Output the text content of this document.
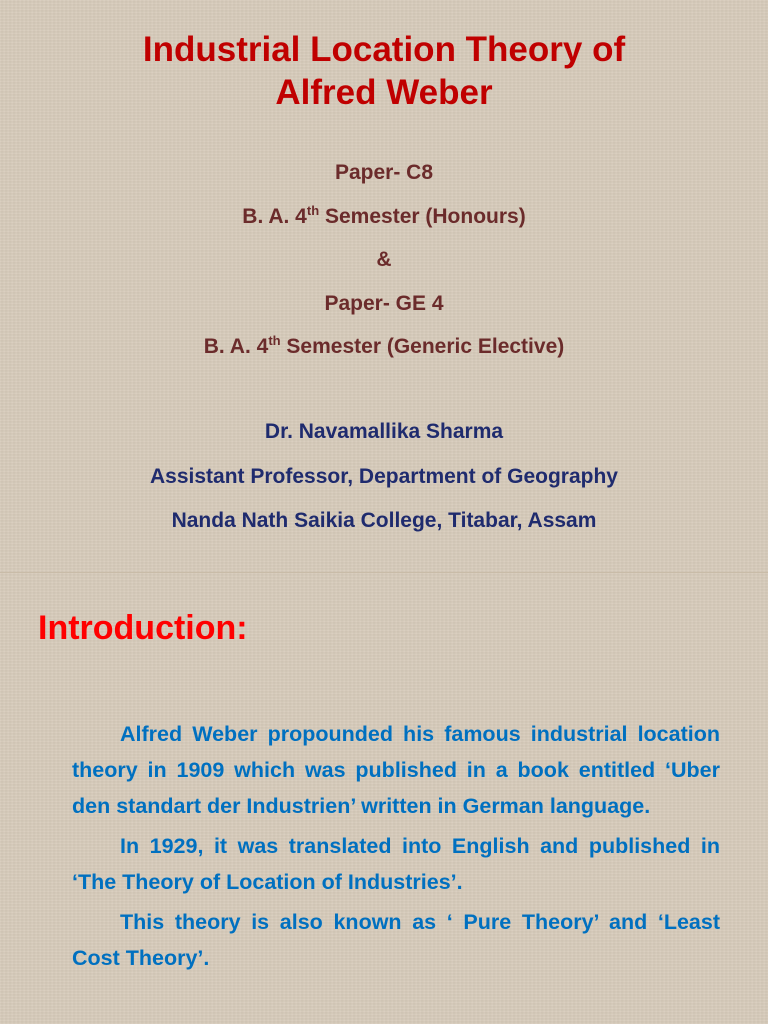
Industrial Location Theory of
Alfred Weber
Paper- C8
B. A. 4th Semester (Honours)
&
Paper- GE 4
B. A. 4th Semester (Generic Elective)
Dr. Navamallika Sharma
Assistant Professor, Department of Geography
Nanda Nath Saikia College, Titabar, Assam
Introduction:

Alfred Weber propounded his famous industrial location theory in 1909 which was published in a book entitled ‘Uber den standart der Industrien’ written in German language.

In 1929, it was translated into English and published in ‘The Theory of Location of Industries’.

This theory is also known as ‘ Pure Theory’ and ‘Least Cost Theory’.
